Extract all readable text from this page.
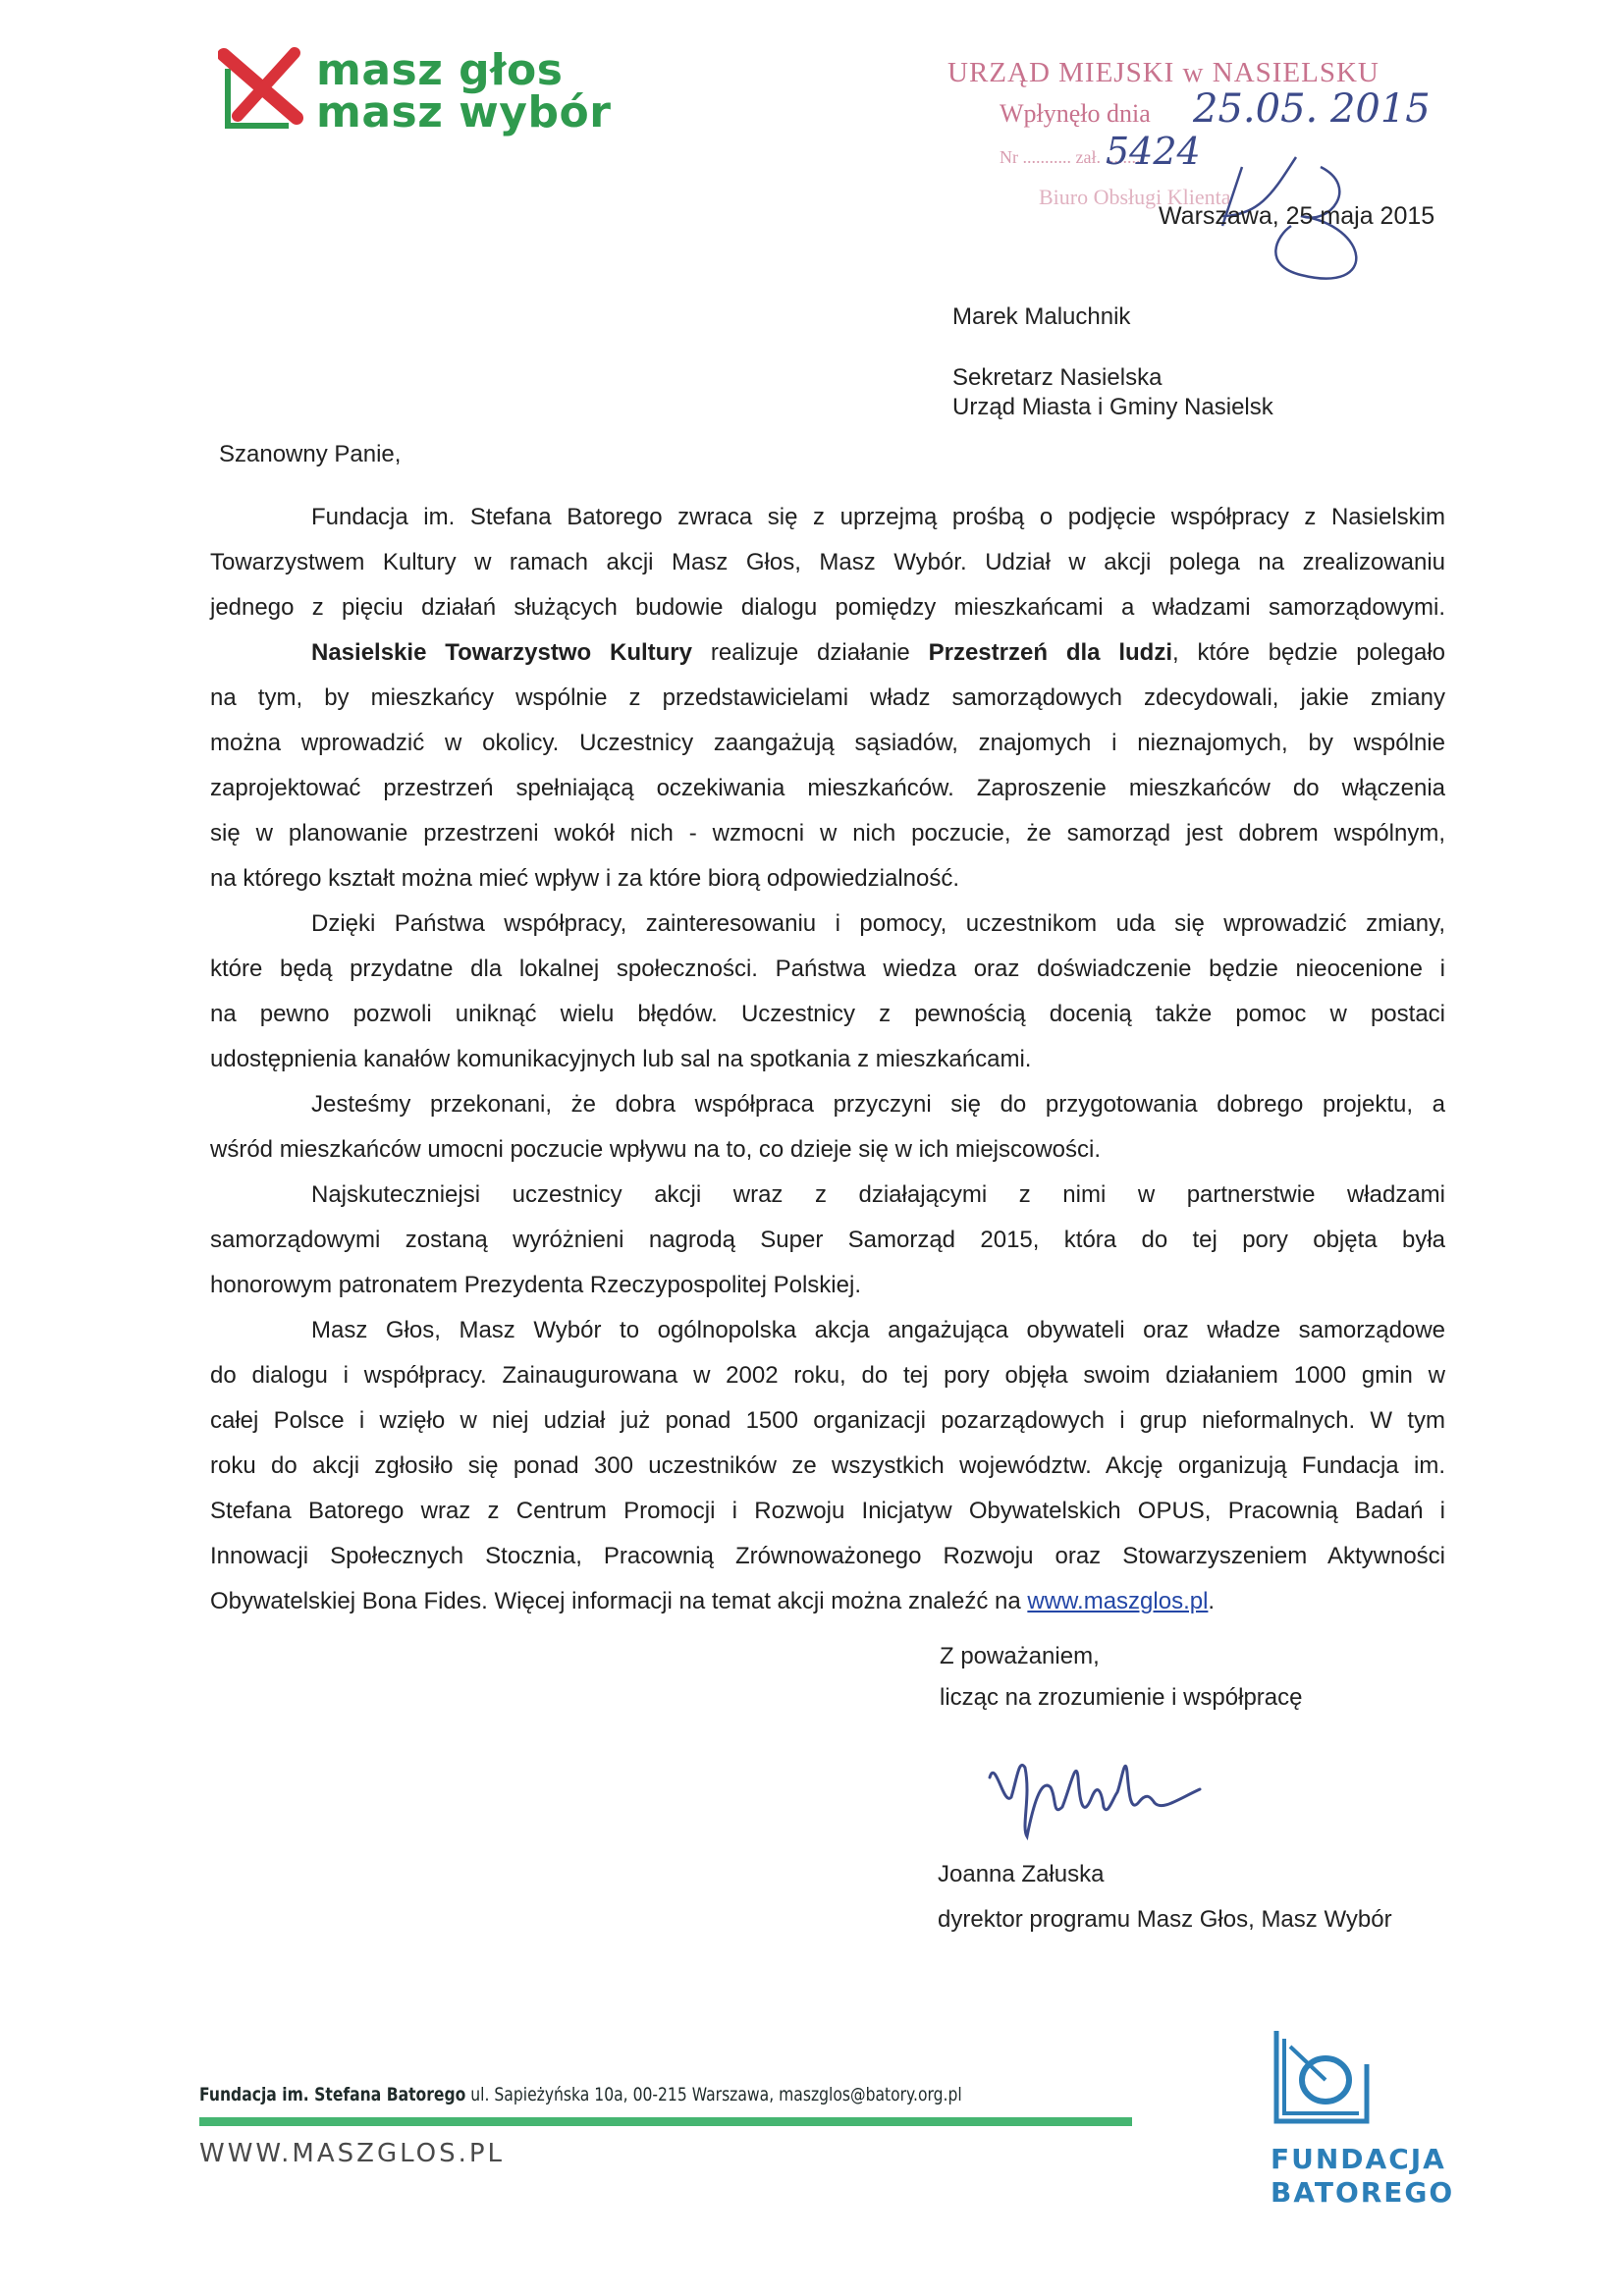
masz głos
masz wybór
URZĄD MIEJSKI w NASIELSKU
Wpłynęło dnia
Nr ........... zał. ........
Biuro Obsługi Klienta
25.05. 2015
5424
Warszawa, 25 maja 2015
Marek Maluchnik
Sekretarz Nasielska
Urząd Miasta i Gminy Nasielsk
Szanowny Panie,
Fundacja im. Stefana Batorego zwraca się z uprzejmą prośbą o podjęcie współpracy z Nasielskim
Towarzystwem Kultury w ramach akcji Masz Głos, Masz Wybór. Udział w akcji polega na zrealizowaniu
jednego z pięciu działań służących budowie dialogu pomiędzy mieszkańcami a władzami samorządowymi.
Nasielskie Towarzystwo Kultury realizuje działanie Przestrzeń dla ludzi, które będzie polegało
na tym, by mieszkańcy wspólnie z przedstawicielami władz samorządowych zdecydowali, jakie zmiany
można wprowadzić w okolicy. Uczestnicy zaangażują sąsiadów, znajomych i nieznajomych, by wspólnie
zaprojektować przestrzeń spełniającą oczekiwania mieszkańców. Zaproszenie mieszkańców do włączenia
się w planowanie przestrzeni wokół nich - wzmocni w nich poczucie, że samorząd jest dobrem wspólnym,
na którego kształt można mieć wpływ i za które biorą odpowiedzialność.
Dzięki Państwa współpracy, zainteresowaniu i pomocy, uczestnikom uda się wprowadzić zmiany,
które będą przydatne dla lokalnej społeczności. Państwa wiedza oraz doświadczenie będzie nieocenione i
na pewno pozwoli uniknąć wielu błędów. Uczestnicy z pewnością docenią także pomoc w postaci
udostępnienia kanałów komunikacyjnych lub sal na spotkania z mieszkańcami.
Jesteśmy przekonani, że dobra współpraca przyczyni się do przygotowania dobrego projektu, a
wśród mieszkańców umocni poczucie wpływu na to, co dzieje się w ich miejscowości.
Najskuteczniejsi uczestnicy akcji wraz z działającymi z nimi w partnerstwie władzami
samorządowymi zostaną wyróżnieni nagrodą Super Samorząd 2015, która do tej pory objęta była
honorowym patronatem Prezydenta Rzeczypospolitej Polskiej.
Masz Głos, Masz Wybór to ogólnopolska akcja angażująca obywateli oraz władze samorządowe
do dialogu i współpracy. Zainaugurowana w 2002 roku, do tej pory objęła swoim działaniem 1000 gmin w
całej Polsce i wzięło w niej udział już ponad 1500 organizacji pozarządowych i grup nieformalnych. W tym
roku do akcji zgłosiło się ponad 300 uczestników ze wszystkich województw. Akcję organizują Fundacja im.
Stefana Batorego wraz z Centrum Promocji i Rozwoju Inicjatyw Obywatelskich OPUS, Pracownią Badań i
Innowacji Społecznych Stocznia, Pracownią Zrównoważonego Rozwoju oraz Stowarzyszeniem Aktywności
Obywatelskiej Bona Fides. Więcej informacji na temat akcji można znaleźć na www.maszglos.pl.
Z poważaniem,
licząc na zrozumienie i współpracę
Joanna Załuska
dyrektor programu Masz Głos, Masz Wybór
Fundacja im. Stefana Batorego ul. Sapieżyńska 10a, 00-215 Warszawa, maszglos@batory.org.pl
WWW.MASZGLOS.PL	FUNDACJA
BATOREGO
